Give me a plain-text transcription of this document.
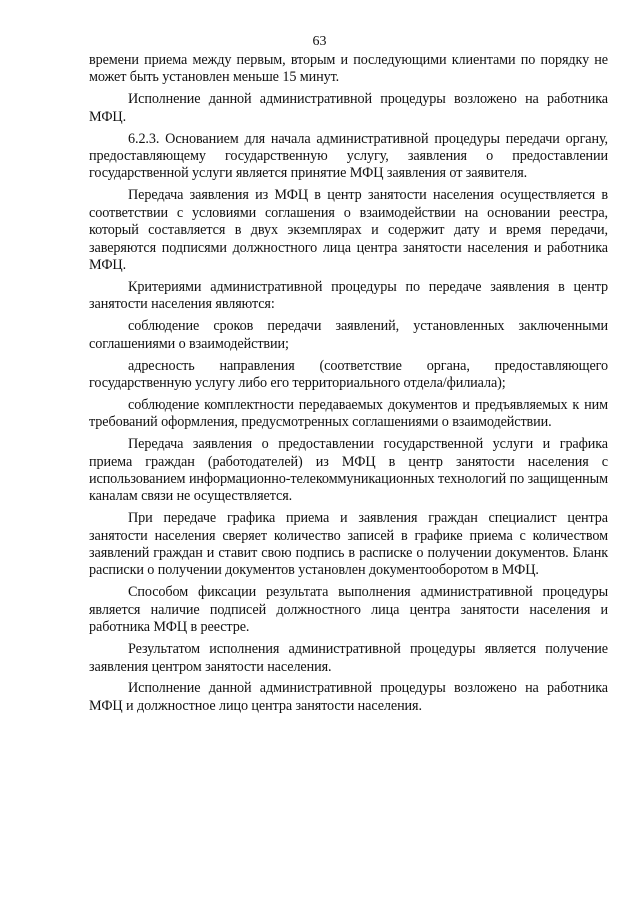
63

времени приема между первым, вторым и последующими клиентами по порядку не может быть установлен меньше 15 минут.

Исполнение данной административной процедуры возложено на работника МФЦ.

6.2.3. Основанием для начала административной процедуры передачи органу, предоставляющему государственную услугу, заявления о предоставлении государственной услуги является принятие МФЦ заявления от заявителя.

Передача заявления из МФЦ в центр занятости населения осуществляется в соответствии с условиями соглашения о взаимодействии на основании реестра, который составляется в двух экземплярах и содержит дату и время передачи, заверяются подписями должностного лица центра занятости населения и работника МФЦ.

Критериями административной процедуры по передаче заявления в центр занятости населения являются:

соблюдение сроков передачи заявлений, установленных заключенными соглашениями о взаимодействии;

адресность направления (соответствие органа, предоставляющего государственную услугу либо его территориального отдела/филиала);

соблюдение комплектности передаваемых документов и предъявляемых к ним требований оформления, предусмотренных соглашениями о взаимодействии.

Передача заявления о предоставлении государственной услуги и графика приема граждан (работодателей) из МФЦ в центр занятости населения с использованием информационно-телекоммуникационных технологий по защищенным каналам связи не осуществляется.

При передаче графика приема и заявления граждан специалист центра занятости населения сверяет количество записей в графике приема с количеством заявлений граждан и ставит свою подпись в расписке о получении документов. Бланк расписки о получении документов установлен документооборотом в МФЦ.

Способом фиксации результата выполнения административной процедуры является наличие подписей должностного лица центра занятости населения и работника МФЦ в реестре.

Результатом исполнения административной процедуры является получение заявления центром занятости населения.

Исполнение данной административной процедуры возложено на работника МФЦ и должностное лицо центра занятости населения.
